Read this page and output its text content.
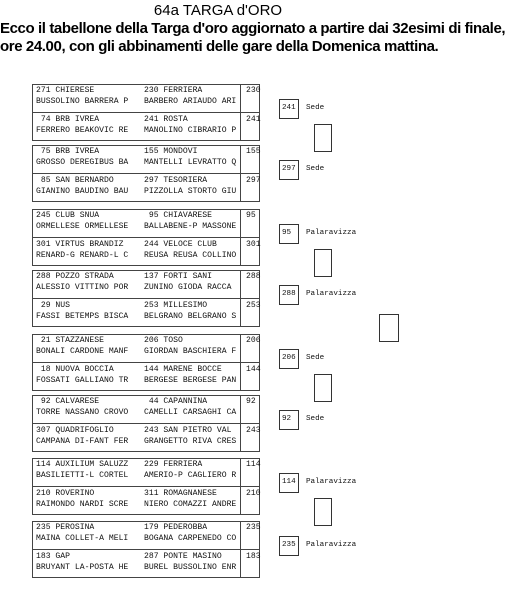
64a TARGA d'ORO
Ecco il tabellone della Targa d'oro aggiornato a partire dai 32esimi di finale,
ore 24.00, con gli abbinamenti delle gare della Domenica mattina.
271 CHIERESE
BUSSOLINO BARRERA P
230 FERRIERA
BARBERO ARIAUDO ARI
230
74 BRB IVREA
FERRERO BEAKOVIC RE
241 ROSTA
MANOLINO CIBRARIO P
241
241 Sede
75 BRB IVREA
GROSSO DEREGIBUS BA
155 MONDOVI
MANTELLI LEVRATTO Q
155
85 SAN BERNARDO
GIANINO BAUDINO BAU
297 TESORIERA
PIZZOLLA STORTO GIU
297
297 Sede
245 CLUB SNUA
ORMELLESE ORMELLESE
95 CHIAVARESE
BALLABENE-P MASSONE
95
301 VIRTUS BRANDIZ
RENARD-G RENARD-L C
244 VELOCE CLUB
REUSA REUSA COLLINO
301
95 Palaravizza
288 POZZO STRADA
ALESSIO VITTINO POR
137 FORTI SANI
ZUNINO GIODA RACCA
288
29 NUS
FASSI BETEMPS BISCA
253 MILLESIMO
BELGRANO BELGRANO S
253
288 Palaravizza
21 STAZZANESE
BONALI CARDONE MANF
206 TOSO
GIORDAN BASCHIERA F
206
18 NUOVA BOCCIA
FOSSATI GALLIANO TR
144 MARENE BOCCE
BERGESE BERGESE PAN
144
206 Sede
92 CALVARESE
TORRE NASSANO CROVO
44 CAPANNINA
CAMELLI CARSAGHI CA
92
307 QUADRIFOGLIO
CAMPANA DI-FANT FER
243 SAN PIETRO VAL
GRANGETTO RIVA CRES
243
92 Sede
114 AUXILIUM SALUZZ
BASILIETTI-L CORTEL
229 FERRIERA
AMERIO-P CAGLIERO R
114
210 ROVERINO
RAIMONDO NARDI SCRE
311 ROMAGNANESE
NIERO COMAZZI ANDRE
210
114 Palaravizza
235 PEROSINA
MAINA COLLET-A MELI
179 PEDEROBBA
BOGANA CARPENEDO CO
235
183 GAP
BRUYANT LA-POSTA HE
287 PONTE MASINO
BUREL BUSSOLINO ENR
183
235 Palaravizza
